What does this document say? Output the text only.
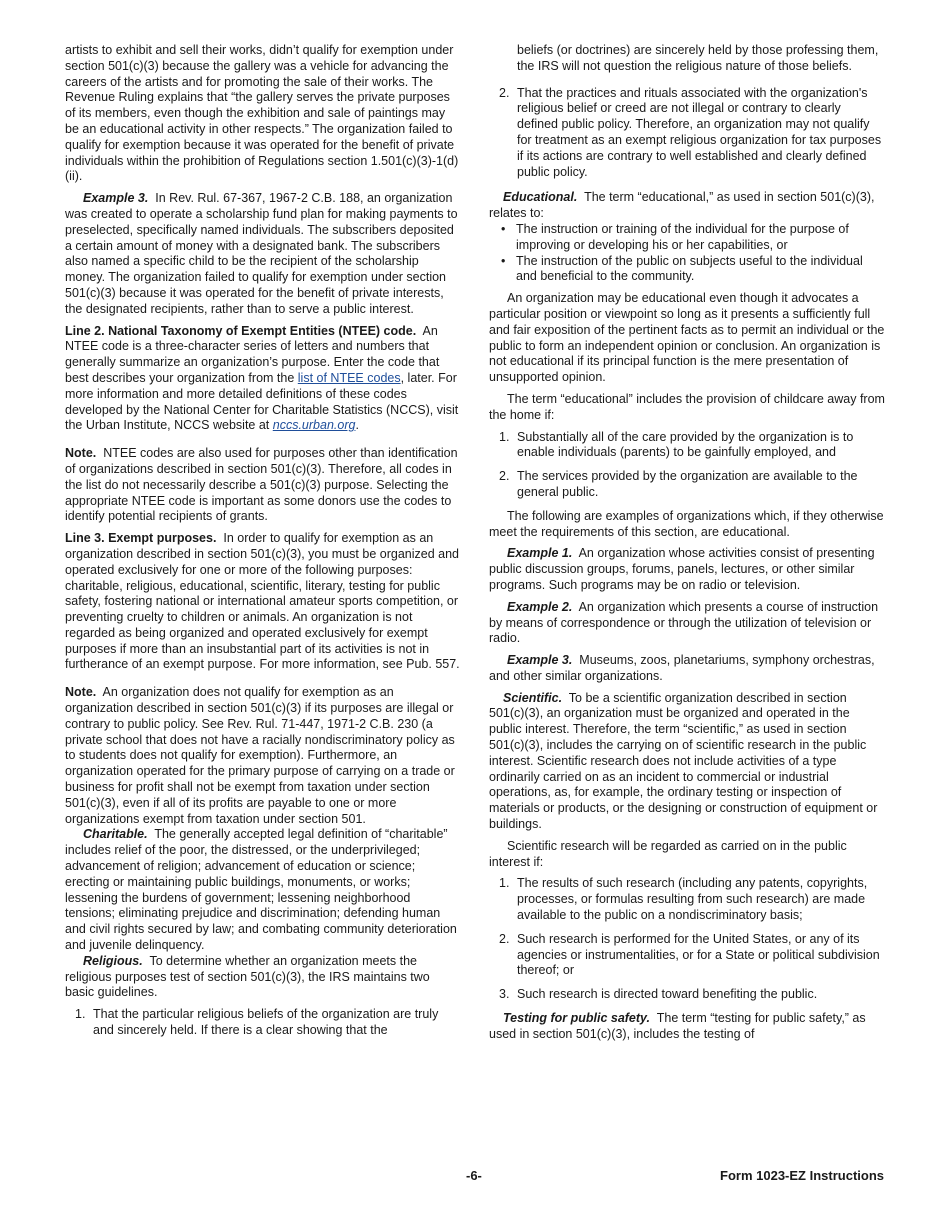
artists to exhibit and sell their works, didn’t qualify for exemption under section 501(c)(3) because the gallery was a vehicle for advancing the careers of the artists and for promoting the sale of their works. The Revenue Ruling explains that “the gallery serves the private purposes of its members, even though the exhibition and sale of paintings may be an educational activity in other respects.” The organization failed to qualify for exemption because it was operated for the benefit of private individuals within the prohibition of Regulations section 1.501(c)(3)-1(d)(ii).

Example 3. In Rev. Rul. 67-367, 1967-2 C.B. 188, an organization was created to operate a scholarship fund plan for making payments to preselected, specifically named individuals. The subscribers deposited a certain amount of money with a designated bank. The subscribers also named a specific child to be the recipient of the scholarship money. The organization failed to qualify for exemption under section 501(c)(3) because it was operated for the benefit of private interests, the designated recipients, rather than to serve a public interest.

Line 2. National Taxonomy of Exempt Entities (NTEE) code. An NTEE code is a three-character series of letters and numbers that generally summarize an organization’s purpose. Enter the code that best describes your organization from the list of NTEE codes, later. For more information and more detailed definitions of these codes developed by the National Center for Charitable Statistics (NCCS), visit the Urban Institute, NCCS website at nccs.urban.org.

Note. NTEE codes are also used for purposes other than identification of organizations described in section 501(c)(3). Therefore, all codes in the list do not necessarily describe a 501(c)(3) purpose. Selecting the appropriate NTEE code is important as some donors use the codes to identify potential recipients of grants.

Line 3. Exempt purposes. In order to qualify for exemption as an organization described in section 501(c)(3), you must be organized and operated exclusively for one or more of the following purposes: charitable, religious, educational, scientific, literary, testing for public safety, fostering national or international amateur sports competition, or preventing cruelty to children or animals. An organization is not regarded as being organized and operated exclusively for exempt purposes if more than an insubstantial part of its activities is not in furtherance of an exempt purpose. For more information, see Pub. 557.

Note. An organization does not qualify for exemption as an organization described in section 501(c)(3) if its purposes are illegal or contrary to public policy. See Rev. Rul. 71-447, 1971-2 C.B. 230 (a private school that does not have a racially nondiscriminatory policy as to students does not qualify for exemption). Furthermore, an organization operated for the primary purpose of carrying on a trade or business for profit shall not be exempt from taxation under section 501(c)(3), even if all of its profits are payable to one or more organizations exempt from taxation under section 501.

Charitable. The generally accepted legal definition of “charitable” includes relief of the poor, the distressed, or the underprivileged; advancement of religion; advancement of education or science; erecting or maintaining public buildings, monuments, or works; lessening the burdens of government; lessening neighborhood tensions; eliminating prejudice and discrimination; defending human and civil rights secured by law; and combating community deterioration and juvenile delinquency.

Religious. To determine whether an organization meets the religious purposes test of section 501(c)(3), the IRS maintains two basic guidelines.

1. That the particular religious beliefs of the organization are truly and sincerely held. If there is a clear showing that the

beliefs (or doctrines) are sincerely held by those professing them, the IRS will not question the religious nature of those beliefs.

2. That the practices and rituals associated with the organization's religious belief or creed are not illegal or contrary to clearly defined public policy. Therefore, an organization may not qualify for treatment as an exempt religious organization for tax purposes if its actions are contrary to well established and clearly defined public policy.

Educational. The term “educational,” as used in section 501(c)(3), relates to:

• The instruction or training of the individual for the purpose of improving or developing his or her capabilities, or
• The instruction of the public on subjects useful to the individual and beneficial to the community.

An organization may be educational even though it advocates a particular position or viewpoint so long as it presents a sufficiently full and fair exposition of the pertinent facts as to permit an individual or the public to form an independent opinion or conclusion. An organization is not educational if its principal function is the mere presentation of unsupported opinion.

The term “educational” includes the provision of childcare away from the home if:

1. Substantially all of the care provided by the organization is to enable individuals (parents) to be gainfully employed, and
2. The services provided by the organization are available to the general public.

The following are examples of organizations which, if they otherwise meet the requirements of this section, are educational.

Example 1. An organization whose activities consist of presenting public discussion groups, forums, panels, lectures, or other similar programs. Such programs may be on radio or television.

Example 2. An organization which presents a course of instruction by means of correspondence or through the utilization of television or radio.

Example 3. Museums, zoos, planetariums, symphony orchestras, and other similar organizations.

Scientific. To be a scientific organization described in section 501(c)(3), an organization must be organized and operated in the public interest. Therefore, the term “scientific,” as used in section 501(c)(3), includes the carrying on of scientific research in the public interest. Scientific research does not include activities of a type ordinarily carried on as an incident to commercial or industrial operations, as, for example, the ordinary testing or inspection of materials or products, or the designing or construction of equipment or buildings.

Scientific research will be regarded as carried on in the public interest if:

1. The results of such research (including any patents, copyrights, processes, or formulas resulting from such research) are made available to the public on a nondiscriminatory basis;
2. Such research is performed for the United States, or any of its agencies or instrumentalities, or for a State or political subdivision thereof; or
3. Such research is directed toward benefiting the public.

Testing for public safety. The term “testing for public safety,” as used in section 501(c)(3), includes the testing of

-6-	Form 1023-EZ Instructions
